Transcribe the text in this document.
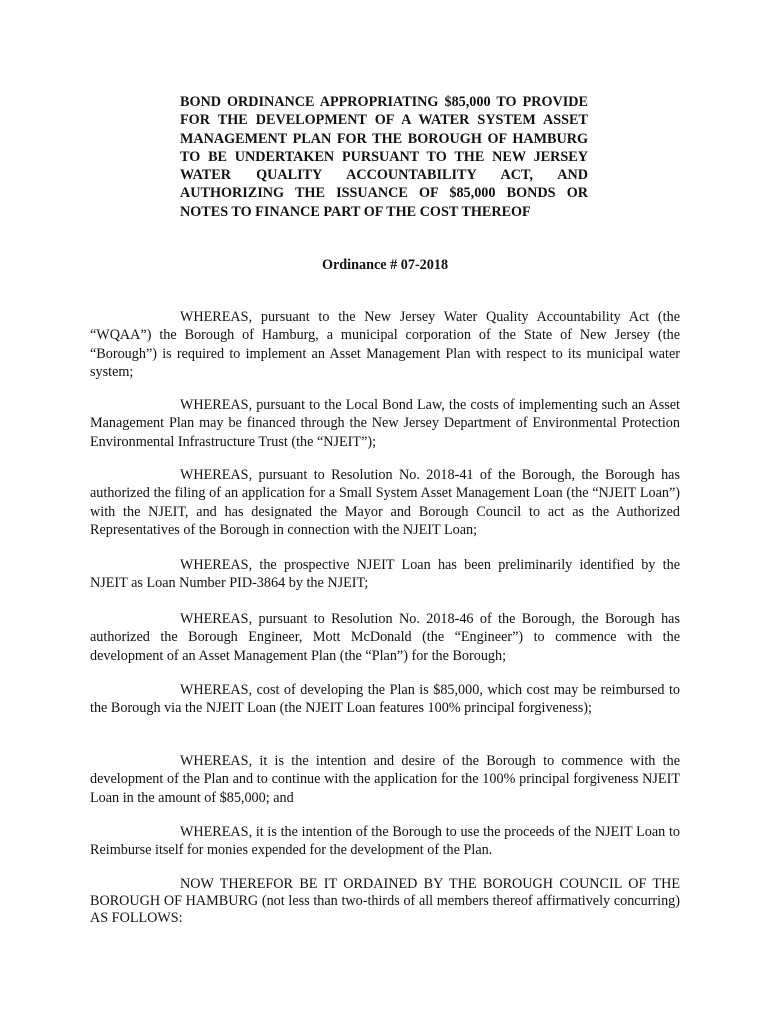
BOND ORDINANCE APPROPRIATING $85,000 TO PROVIDE FOR THE DEVELOPMENT OF A WATER SYSTEM ASSET MANAGEMENT PLAN FOR THE BOROUGH OF HAMBURG TO BE UNDERTAKEN PURSUANT TO THE NEW JERSEY WATER QUALITY ACCOUNTABILITY ACT, AND AUTHORIZING THE ISSUANCE OF $85,000 BONDS OR NOTES TO FINANCE PART OF THE COST THEREOF

Ordinance # 07-2018

WHEREAS, pursuant to the New Jersey Water Quality Accountability Act (the “WQAA”) the Borough of Hamburg, a municipal corporation of the State of New Jersey (the “Borough”) is required to implement an Asset Management Plan with respect to its municipal water system;

WHEREAS, pursuant to the Local Bond Law, the costs of implementing such an Asset Management Plan may be financed through the New Jersey Department of Environmental Protection Environmental Infrastructure Trust (the “NJEIT”);

WHEREAS, pursuant to Resolution No. 2018-41 of the Borough, the Borough has authorized the filing of an application for a Small System Asset Management Loan (the “NJEIT Loan”) with the NJEIT, and has designated the Mayor and Borough Council to act as the Authorized Representatives of the Borough in connection with the NJEIT Loan;

WHEREAS, the prospective NJEIT Loan has been preliminarily identified by the NJEIT as Loan Number PID-3864 by the NJEIT;

WHEREAS, pursuant to Resolution No. 2018-46 of the Borough, the Borough has authorized the Borough Engineer, Mott McDonald (the “Engineer”) to commence with the development of an Asset Management Plan (the “Plan”) for the Borough;

WHEREAS, cost of developing the Plan is $85,000, which cost may be reimbursed to the Borough via the NJEIT Loan (the NJEIT Loan features 100% principal forgiveness);

WHEREAS, it is the intention and desire of the Borough to commence with the development of the Plan and to continue with the application for the 100% principal forgiveness NJEIT Loan in the amount of $85,000; and

WHEREAS, it is the intention of the Borough to use the proceeds of the NJEIT Loan to Reimburse itself for monies expended for the development of the Plan.

NOW THEREFOR BE IT ORDAINED BY THE BOROUGH COUNCIL OF THE BOROUGH OF HAMBURG (not less than two-thirds of all members thereof affirmatively concurring) AS FOLLOWS:
